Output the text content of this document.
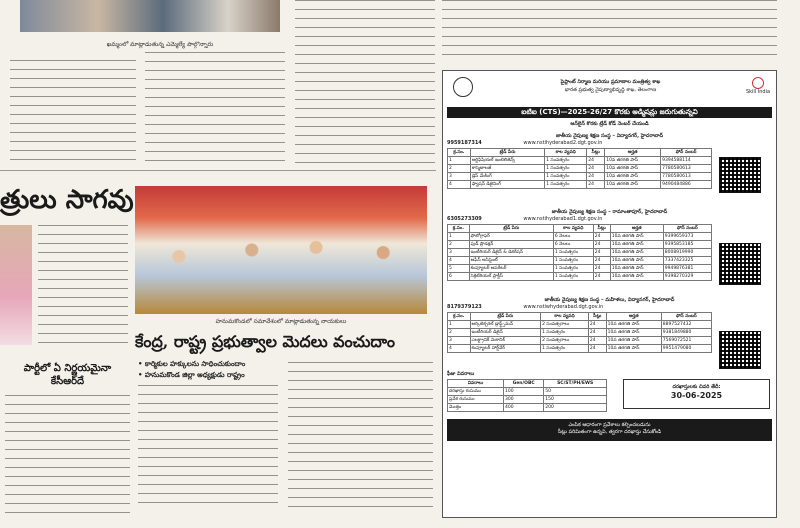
ఖమ్మంలో మాట్లాడుతున్న ఎమ్మెల్యే పాల్గొన్నారు
త్రులు సాగవు
పార్టీలో ఏ నిర్ణయమైనా కేసీఆర్‌దే
హనుమకొండలో సమావేశంలో మాట్లాడుతున్న నాయకులు
కేంద్ర, రాష్ట్ర ప్రభుత్వాల మెదలు వంచుదాం
• కార్మికుల హక్కులను సాధించుకుందాం
• హనుమకొండ జిల్లా అధ్యక్షుడు రాష్ట్రం
పైప్లాంట్ నిర్మాణ మరియు ప్రమాణాల మంత్రిత్వ శాఖ
భారత ప్రభుత్వ నైపుణ్యాభివృద్ధి శాఖ, తెలంగాణ	Skill India
ఐటిఐ (CTS)—2025-26/27 కొరకు అడ్మిషన్లు జరుగుతున్నవి
ఆన్‌లైన్ కొరకు ట్రేడ్ కోడ్ నెంబర్ చేయండి
జాతీయ నైపుణ్య శిక్షణ సంస్థ – విద్యానగర్, హైదరాబాద్
9959187314	www.nstihyderabad2.dgt.gov.in
క్ర.సం.	ట్రేడ్ పేరు	కాల వ్యవధి	సీట్లు	అర్హత	ఫోన్ నంబర్
1	ఆర్టిఫిషియల్ ఇంటెలిజెన్స్	1 సంవత్సరం	24	10వ తరగతి పాస్	9394588114
2	కాస్మెటాలజీ	1 సంవత్సరం	24	10వ తరగతి పాస్	7780580613
3	డ్రెస్ మేకింగ్	1 సంవత్సరం	24	10వ తరగతి పాస్	7780580613
4	ఫ్యాషన్ డిజైనింగ్	1 సంవత్సరం	24	10వ తరగతి పాస్	9490484886
జాతీయ నైపుణ్య శిక్షణ సంస్థ – రామాంతాపూర్, హైదరాబాద్
6305273309	www.nstihyderabad1.dgt.gov.in
క్ర.సం.	ట్రేడ్ పేరు	కాల వ్యవధి	సీట్లు	అర్హత	ఫోన్ నంబర్
1	ఫొటోగ్రాఫర్	6 నెలలు	24	10వ తరగతి పాస్	9399659373
2	ఫుడ్ ప్రొడక్షన్	6 నెలలు	24	10వ తరగతి పాస్	9395853185
3	ఇంటీరియర్ డిజైన్ & డెకరేషన్	1 సంవత్సరం	24	10వ తరగతి పాస్	8008919990
4	ఆఫీస్ అసిస్టెంట్	1 సంవత్సరం	24	10వ తరగతి పాస్	7337423325
5	కంప్యూటర్ ఆపరేటర్	1 సంవత్సరం	24	10వ తరగతి పాస్	9949876381
6	సెక్రెటేరియల్ ప్రాక్టీస్	1 సంవత్సరం	24	10వ తరగతి పాస్	9398270329
జాతీయ నైపుణ్య శిక్షణ సంస్థ – మహిళలు, విద్యానగర్, హైదరాబాద్
8179379123	www.nstiwhyderabad.dgt.gov.in
క్ర.సం.	ట్రేడ్ పేరు	కాల వ్యవధి	సీట్లు	అర్హత	ఫోన్ నంబర్
1	ఆర్కిటెక్చరల్ డ్రాఫ్ట్స్‌మన్	2 సంవత్సరాలు	24	10వ తరగతి పాస్	8897527432
2	ఇంటీరియర్ డిజైన్	1 సంవత్సరం	24	10వ తరగతి పాస్	9381849880
3	ఎలక్ట్రానిక్ మెకానిక్	2 సంవత్సరాలు	24	10వ తరగతి పాస్	7569072521
4	కంప్యూటర్ హార్డ్‌వేర్	1 సంవత్సరం	24	10వ తరగతి పాస్	9951479080
ఫీజు వివరాలు
వివరాలు	Gen/OBC	SC/ST/PH/EWS
దరఖాస్తు రుసుము	100	50
ప్రవేశ రుసుము	300	150
మొత్తం	400	200
దరఖాస్తులకు చివరి తేదీ:
30-06-2025
ఎంపిక ఆధారంగా ప్రవేశాలు కల్పించబడును
సీట్లు పరిమితంగా ఉన్నవి, త్వరగా దరఖాస్తు చేసుకోండి
